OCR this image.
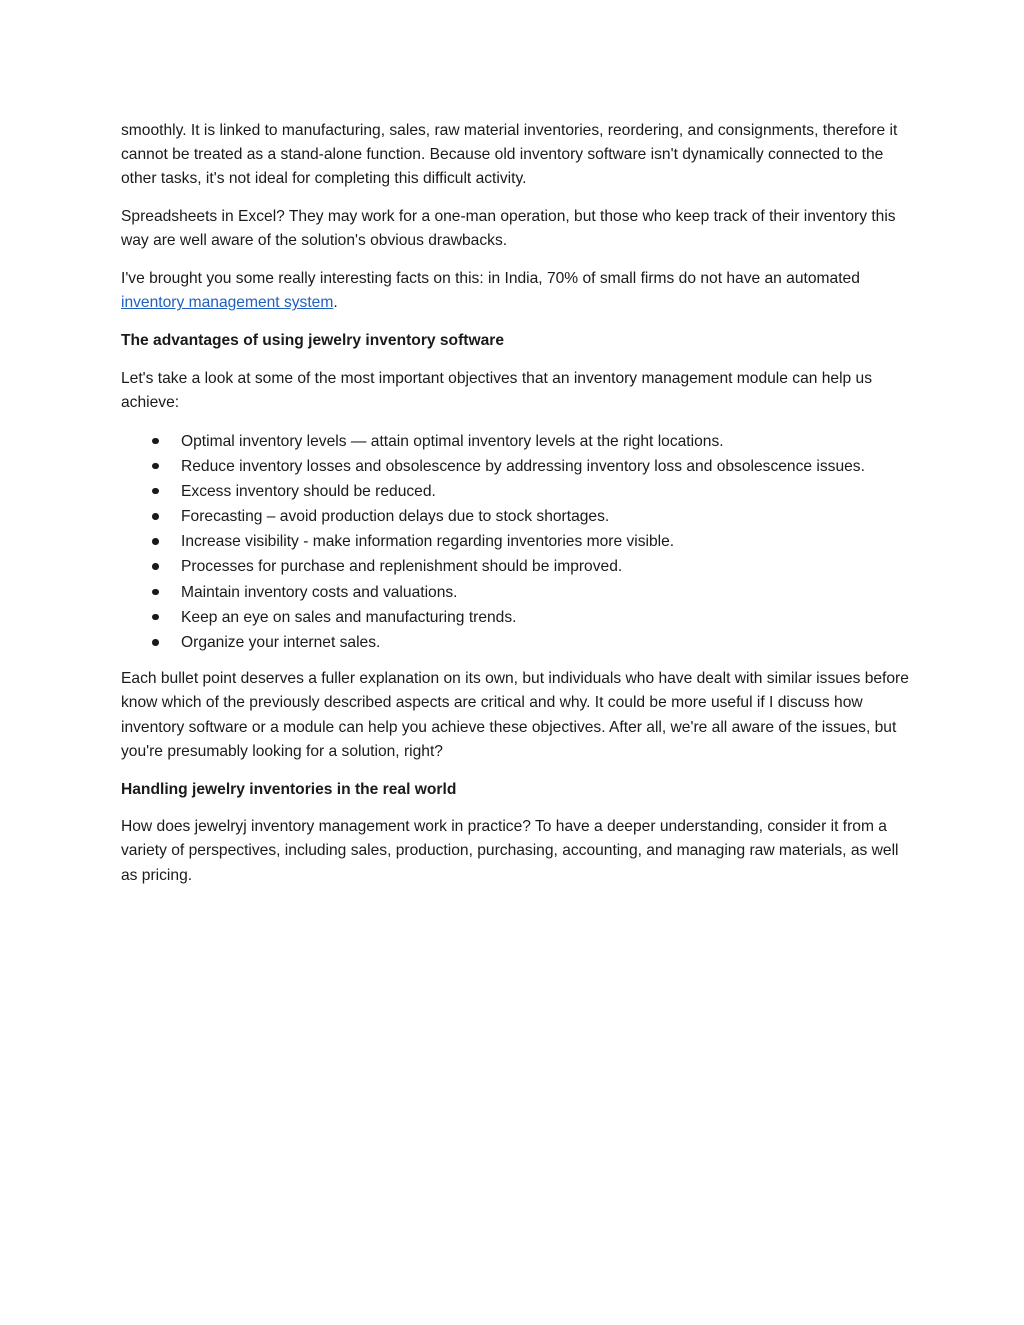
smoothly. It is linked to manufacturing, sales, raw material inventories, reordering, and consignments, therefore it cannot be treated as a stand-alone function. Because old inventory software isn't dynamically connected to the other tasks, it's not ideal for completing this difficult activity.

Spreadsheets in Excel? They may work for a one-man operation, but those who keep track of their inventory this way are well aware of the solution's obvious drawbacks.

I've brought you some really interesting facts on this: in India, 70% of small firms do not have an automated inventory management system.

The advantages of using jewelry inventory software

Let's take a look at some of the most important objectives that an inventory management module can help us achieve:

Optimal inventory levels — attain optimal inventory levels at the right locations.
Reduce inventory losses and obsolescence by addressing inventory loss and obsolescence issues.
Excess inventory should be reduced.
Forecasting – avoid production delays due to stock shortages.
Increase visibility - make information regarding inventories more visible.
Processes for purchase and replenishment should be improved.
Maintain inventory costs and valuations.
Keep an eye on sales and manufacturing trends.
Organize your internet sales.

Each bullet point deserves a fuller explanation on its own, but individuals who have dealt with similar issues before know which of the previously described aspects are critical and why. It could be more useful if I discuss how inventory software or a module can help you achieve these objectives. After all, we're all aware of the issues, but you're presumably looking for a solution, right?

Handling jewelry inventories in the real world

How does jewelryj inventory management work in practice? To have a deeper understanding, consider it from a variety of perspectives, including sales, production, purchasing, accounting, and managing raw materials, as well as pricing.
